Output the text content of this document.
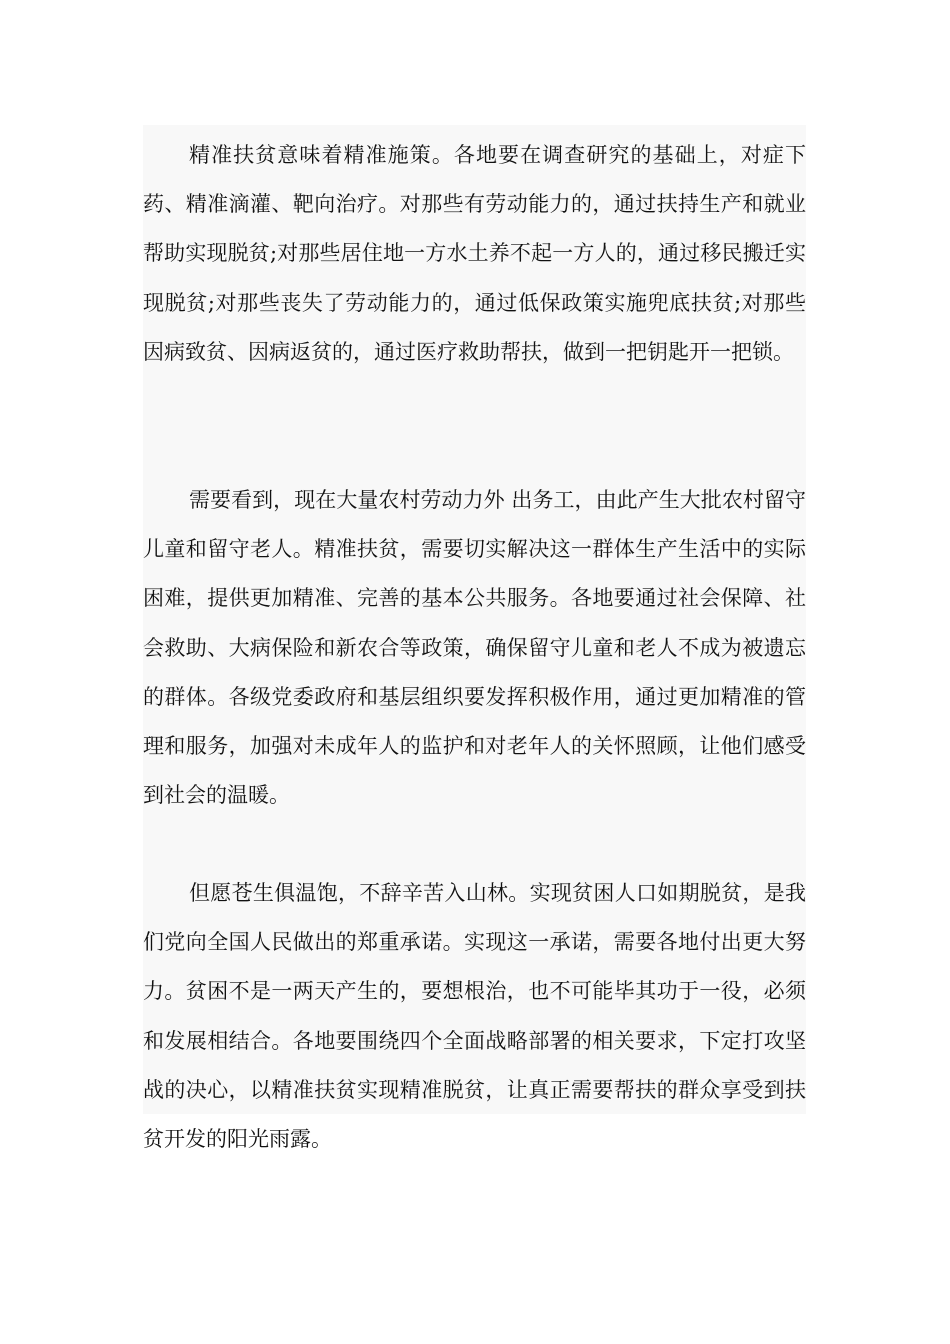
精准扶贫意味着精准施策。各地要在调查研究的基础上，对症下药、精准滴灌、靶向治疗。对那些有劳动能力的，通过扶持生产和就业帮助实现脱贫;对那些居住地一方水土养不起一方人的，通过移民搬迁实现脱贫;对那些丧失了劳动能力的，通过低保政策实施兜底扶贫;对那些因病致贫、因病返贫的，通过医疗救助帮扶，做到一把钥匙开一把锁。

需要看到，现在大量农村劳动力外 出务工，由此产生大批农村留守儿童和留守老人。精准扶贫，需要切实解决这一群体生产生活中的实际困难，提供更加精准、完善的基本公共服务。各地要通过社会保障、社会救助、大病保险和新农合等政策，确保留守儿童和老人不成为被遗忘的群体。各级党委政府和基层组织要发挥积极作用，通过更加精准的管理和服务，加强对未成年人的监护和对老年人的关怀照顾，让他们感受到社会的温暖。

但愿苍生俱温饱，不辞辛苦入山林。实现贫困人口如期脱贫，是我们党向全国人民做出的郑重承诺。实现这一承诺，需要各地付出更大努力。贫困不是一两天产生的，要想根治，也不可能毕其功于一役，必须和发展相结合。各地要围绕四个全面战略部署的相关要求，下定打攻坚战的决心，以精准扶贫实现精准脱贫，让真正需要帮扶的群众享受到扶贫开发的阳光雨露。
